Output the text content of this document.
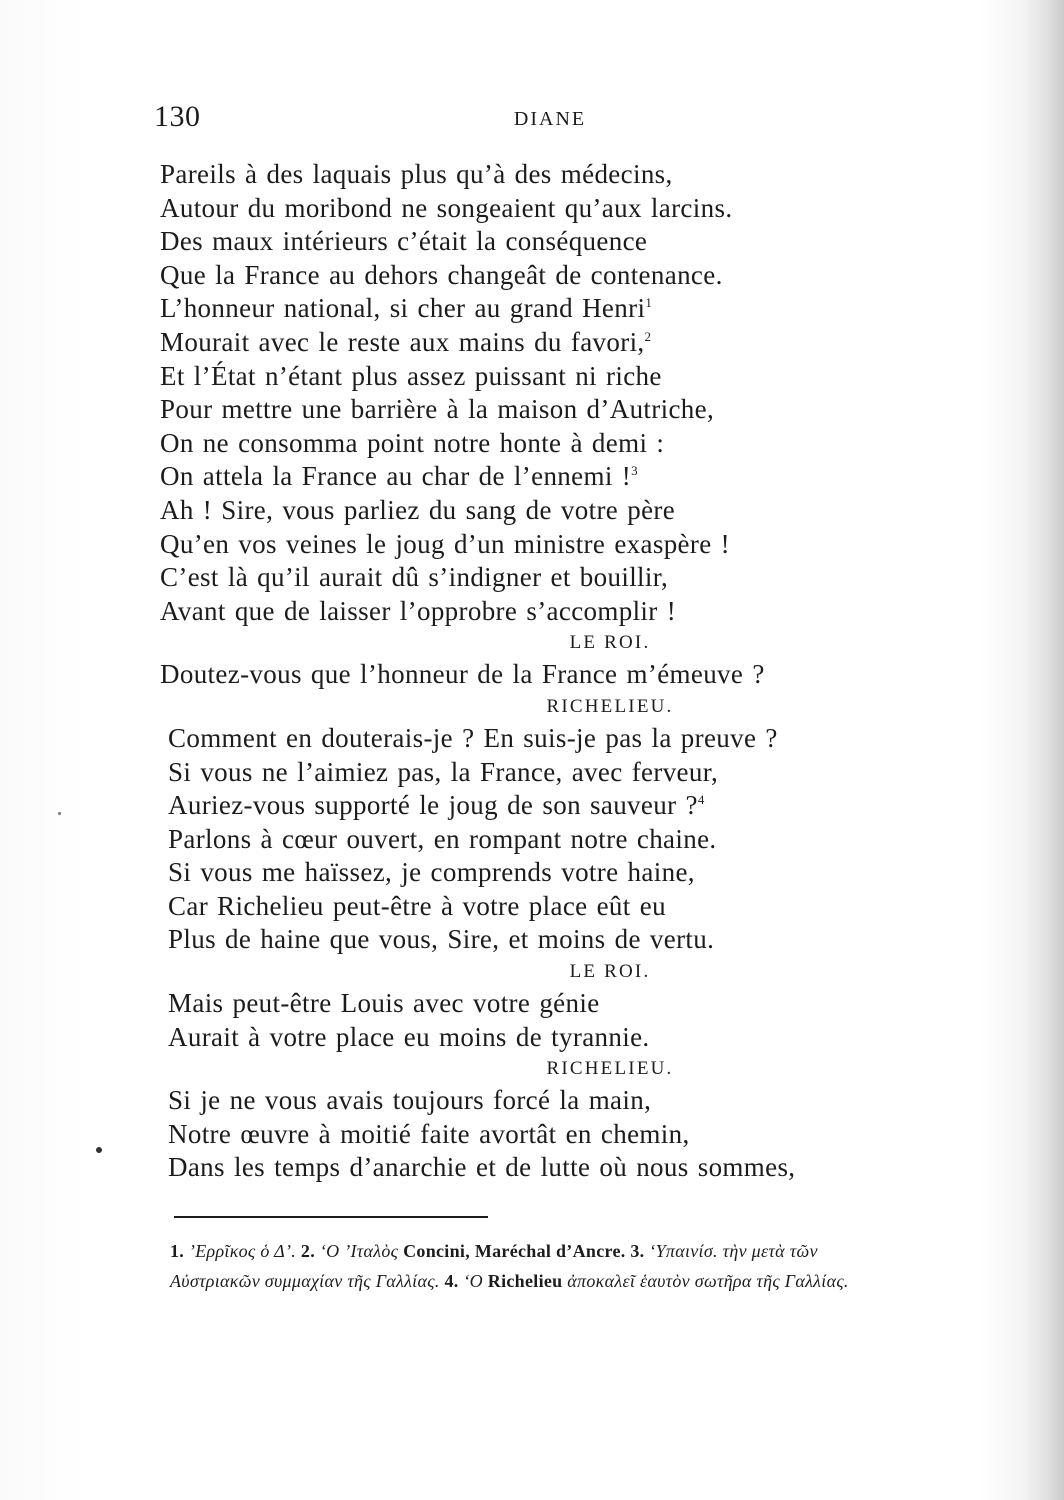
130	DIANE
Pareils à des laquais plus qu’à des médecins,
Autour du moribond ne songeaient qu’aux larcins.
Des maux intérieurs c’était la conséquence
Que la France au dehors changeât de contenance.
L’honneur national, si cher au grand Henri$^1$
Mourait avec le reste aux mains du favori,$^2$
Et l’État n’étant plus assez puissant ni riche
Pour mettre une barrière à la maison d’Autriche,
On ne consomma point notre honte à demi :
On attela la France au char de l’ennemi !$^3$
Ah ! Sire, vous parliez du sang de votre père
Qu’en vos veines le joug d’un ministre exaspère !
C’est là qu’il aurait dû s’indigner et bouillir,
Avant que de laisser l’opprobre s’accomplir !
LE ROI.
Doutez-vous que l’honneur de la France m’émeuve ?
RICHELIEU.
Comment en douterais-je ? En suis-je pas la preuve ?
Si vous ne l’aimiez pas, la France, avec ferveur,
Auriez-vous supporté le joug de son sauveur ?$^4$
Parlons à cœur ouvert, en rompant notre chaine.
Si vous me haïssez, je comprends votre haine,
Car Richelieu peut-être à votre place eût eu
Plus de haine que vous, Sire, et moins de vertu.
LE ROI.
Mais peut-être Louis avec votre génie
Aurait à votre place eu moins de tyrannie.
RICHELIEU.
Si je ne vous avais toujours forcé la main,
Notre œuvre à moitié faite avortât en chemin,
Dans les temps d’anarchie et de lutte où nous sommes,
1. ’Ερρῖκος ὁ Δ’. 2. ‘Ο ’Ιταλὸς Concini, Maréchal d’Ancre. 3. ‘Υπαινίσ. τὴν μετὰ τῶν
Αὐστριακῶν συμμαχίαν τῆς Γαλλίας. 4. ‘Ο Richelieu ἀποκαλεῖ ἑαυτὸν σωτῆρα τῆς Γαλλίας.
